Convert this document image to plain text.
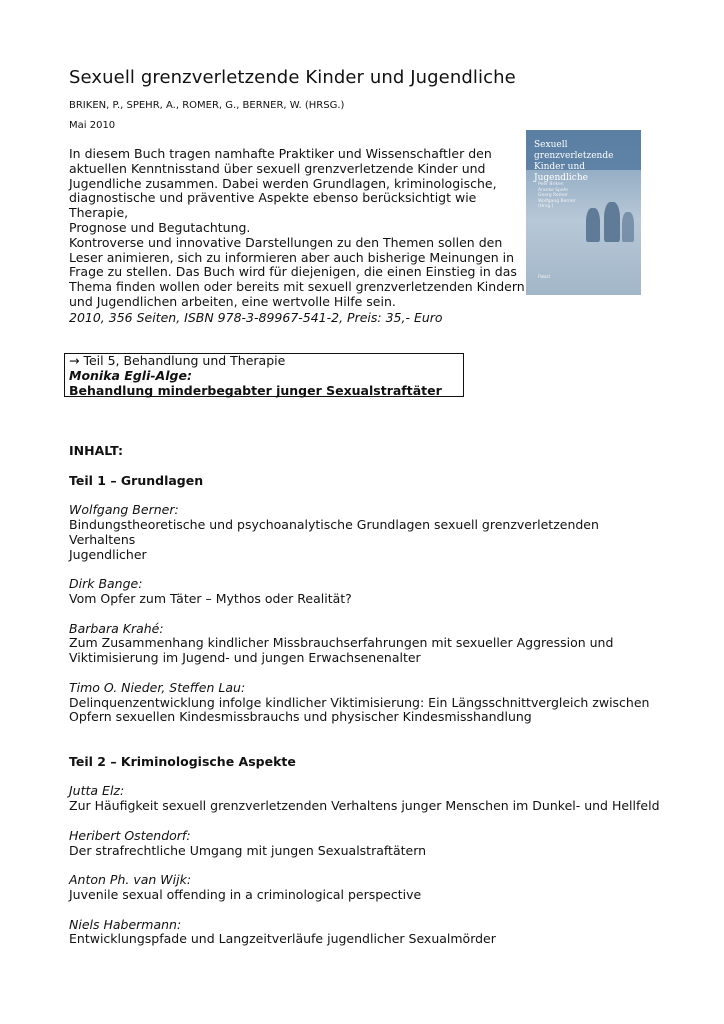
Sexuell grenzverletzende Kinder und Jugendliche
BRIKEN, P., SPEHR, A., ROMER, G., BERNER, W. (HRSG.)
Mai 2010

In diesem Buch tragen namhafte Praktiker und Wissenschaftler den

aktuellen Kenntnisstand über sexuell grenzverletzende Kinder und

Jugendliche zusammen. Dabei werden Grundlagen, kriminologische,

diagnostische und präventive Aspekte ebenso berücksichtigt wie Therapie,

Prognose und Begutachtung.

Kontroverse und innovative Darstellungen zu den Themen sollen den

Leser animieren, sich zu informieren aber auch bisherige Meinungen in

Frage zu stellen. Das Buch wird für diejenigen, die einen Einstieg in das

Thema finden wollen oder bereits mit sexuell grenzverletzenden Kindern

und Jugendlichen arbeiten, eine wertvolle Hilfe sein.

2010, 356 Seiten, ISBN 978-3-89967-541-2, Preis: 35,- Euro
Sexuell grenzverletzende
Kinder und Jugendliche
Peer Briken
Aranke Spehr
Georg Romer
Wolfgang Berner
(Hrsg.)
Pabst
→ Teil 5, Behandlung und Therapie
Monika Egli-Alge:
Behandlung minderbegabter junger Sexualstraftäter

INHALT:

Teil 1 – Grundlagen

Wolfgang Berner:
Bindungstheoretische und psychoanalytische Grundlagen sexuell grenzverletzenden Verhaltens
Jugendlicher
Dirk Bange:
Vom Opfer zum Täter – Mythos oder Realität?
Barbara Krahé:
Zum Zusammenhang kindlicher Missbrauchserfahrungen mit sexueller Aggression und
Viktimisierung im Jugend- und jungen Erwachsenenalter
Timo O. Nieder, Steffen Lau:
Delinquenzentwicklung infolge kindlicher Viktimisierung: Ein Längsschnittvergleich zwischen
Opfern sexuellen Kindesmissbrauchs und physischer Kindesmisshandlung

Teil 2 – Kriminologische Aspekte

Jutta Elz:
Zur Häufigkeit sexuell grenzverletzenden Verhaltens junger Menschen im Dunkel- und Hellfeld
Heribert Ostendorf:
Der strafrechtliche Umgang mit jungen Sexualstraftätern
Anton Ph. van Wijk:
Juvenile sexual offending in a criminological perspective
Niels Habermann:
Entwicklungspfade und Langzeitverläufe jugendlicher Sexualmörder
